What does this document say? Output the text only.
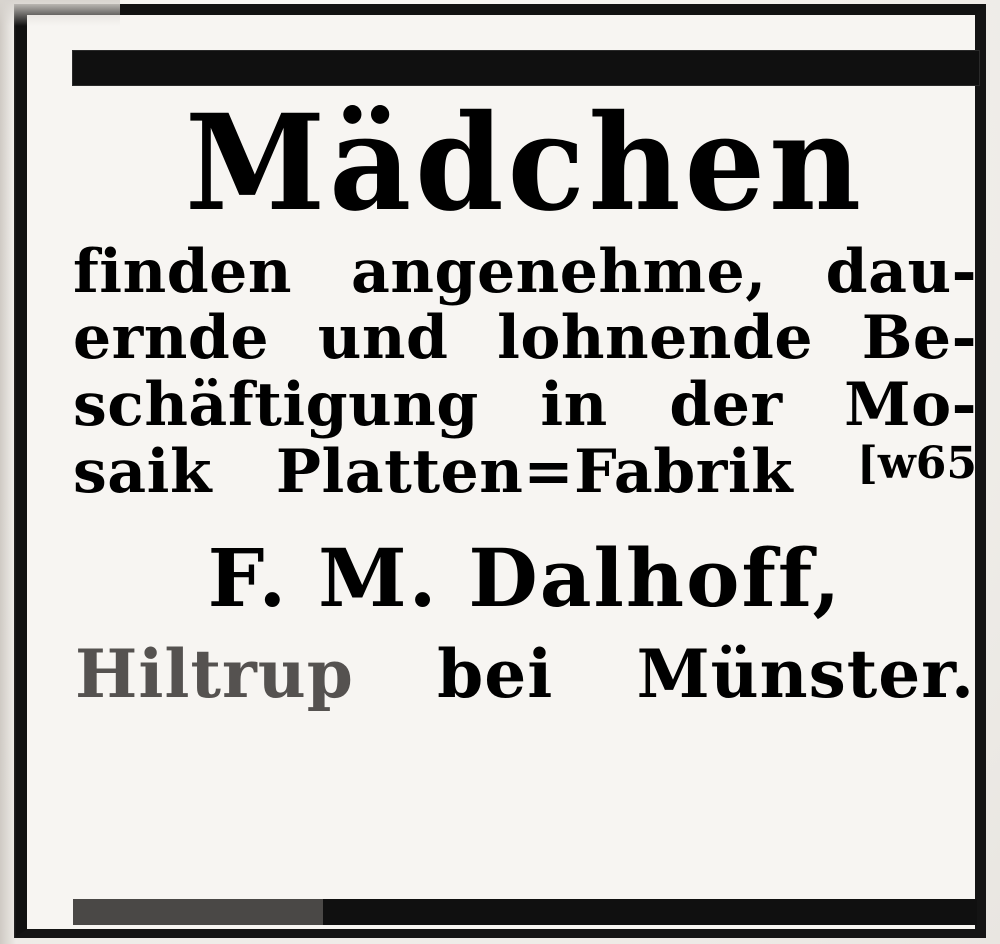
Mädchen
finden angenehme, dau-
ernde und lohnende Be-
schäftigung in der Mo-
saik Platten=Fabrik [w65
F. M. Dalhoff,
Hiltrup bei Münster.
